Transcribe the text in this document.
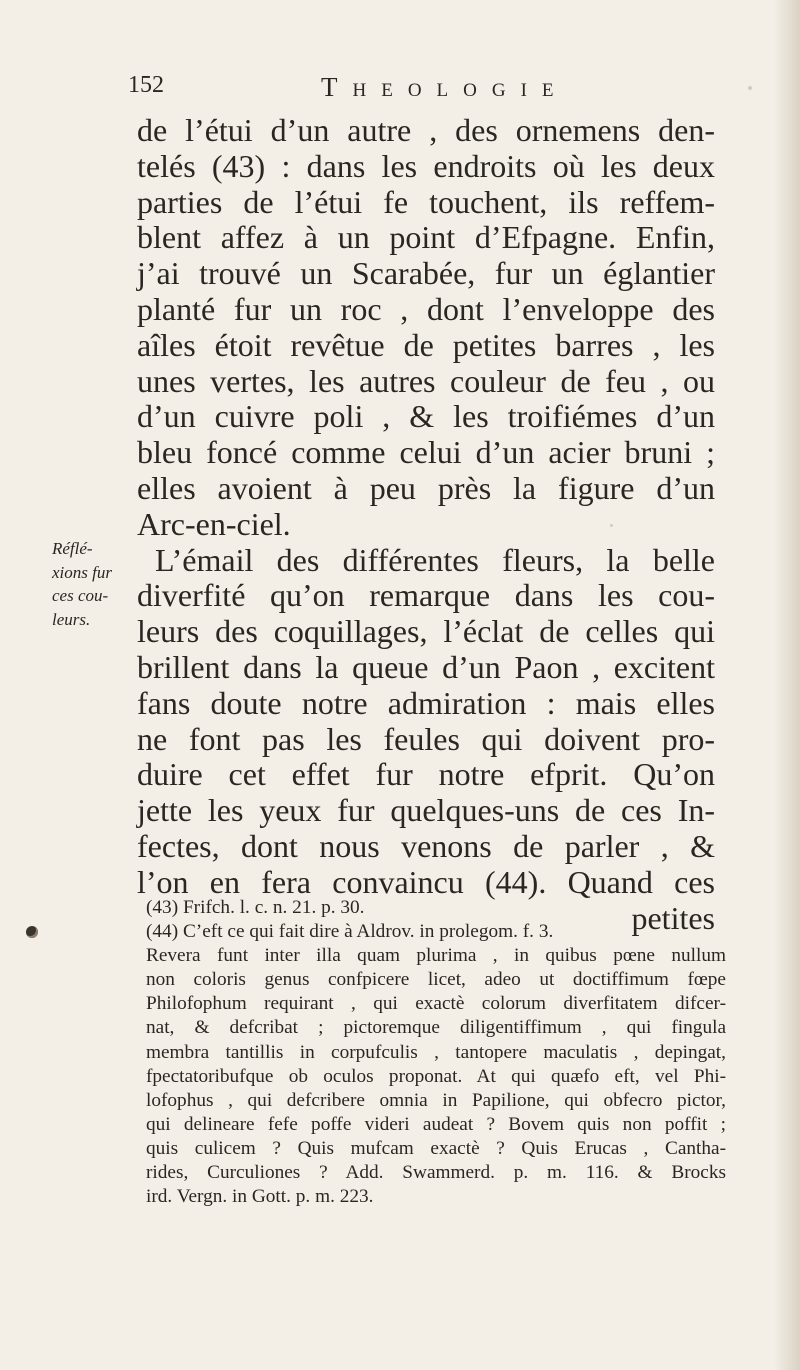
152	Theologie
Réflé-
xions fur
ces cou-
leurs.
de l’étui d’un autre , des ornemens den-
telés (43) : dans les endroits où les deux
parties de l’étui fe touchent, ils reffem-
blent affez à un point d’Efpagne. Enfin,
j’ai trouvé un Scarabée, fur un églantier
planté fur un roc , dont l’enveloppe des
aîles étoit revêtue de petites barres , les
unes vertes, les autres couleur de feu , ou
d’un cuivre poli , & les troifiémes d’un
bleu foncé comme celui d’un acier bruni ;
elles avoient à peu près la figure d’un
Arc-en-ciel.
L’émail des différentes fleurs, la belle
diverfité qu’on remarque dans les cou-
leurs des coquillages, l’éclat de celles qui
brillent dans la queue d’un Paon , excitent
fans doute notre admiration : mais elles
ne font pas les feules qui doivent pro-
duire cet effet fur notre efprit. Qu’on
jette les yeux fur quelques-uns de ces In-
fectes, dont nous venons de parler , &
l’on en fera convaincu (44). Quand ces
petites
(43) Frifch. l. c. n. 21. p. 30.
(44) C’eft ce qui fait dire à Aldrov. in prolegom. f. 3.
Revera funt inter illa quam plurima , in quibus pœne nullum
non coloris genus confpicere licet, adeo ut doctiffimum fœpe
Philofophum requirant , qui exactè colorum diverfitatem difcer-
nat, & defcribat ; pictoremque diligentiffimum , qui fingula
membra tantillis in corpufculis , tantopere maculatis , depingat,
fpectatoribufque ob oculos proponat. At qui quæfo eft, vel Phi-
lofophus , qui defcribere omnia in Papilione, qui obfecro pictor,
qui delineare fefe poffe videri audeat ? Bovem quis non poffit ;
quis culicem ? Quis mufcam exactè ? Quis Erucas , Cantha-
rides, Curculiones ? Add. Swammerd. p. m. 116. & Brocks
ird. Vergn. in Gott. p. m. 223.
